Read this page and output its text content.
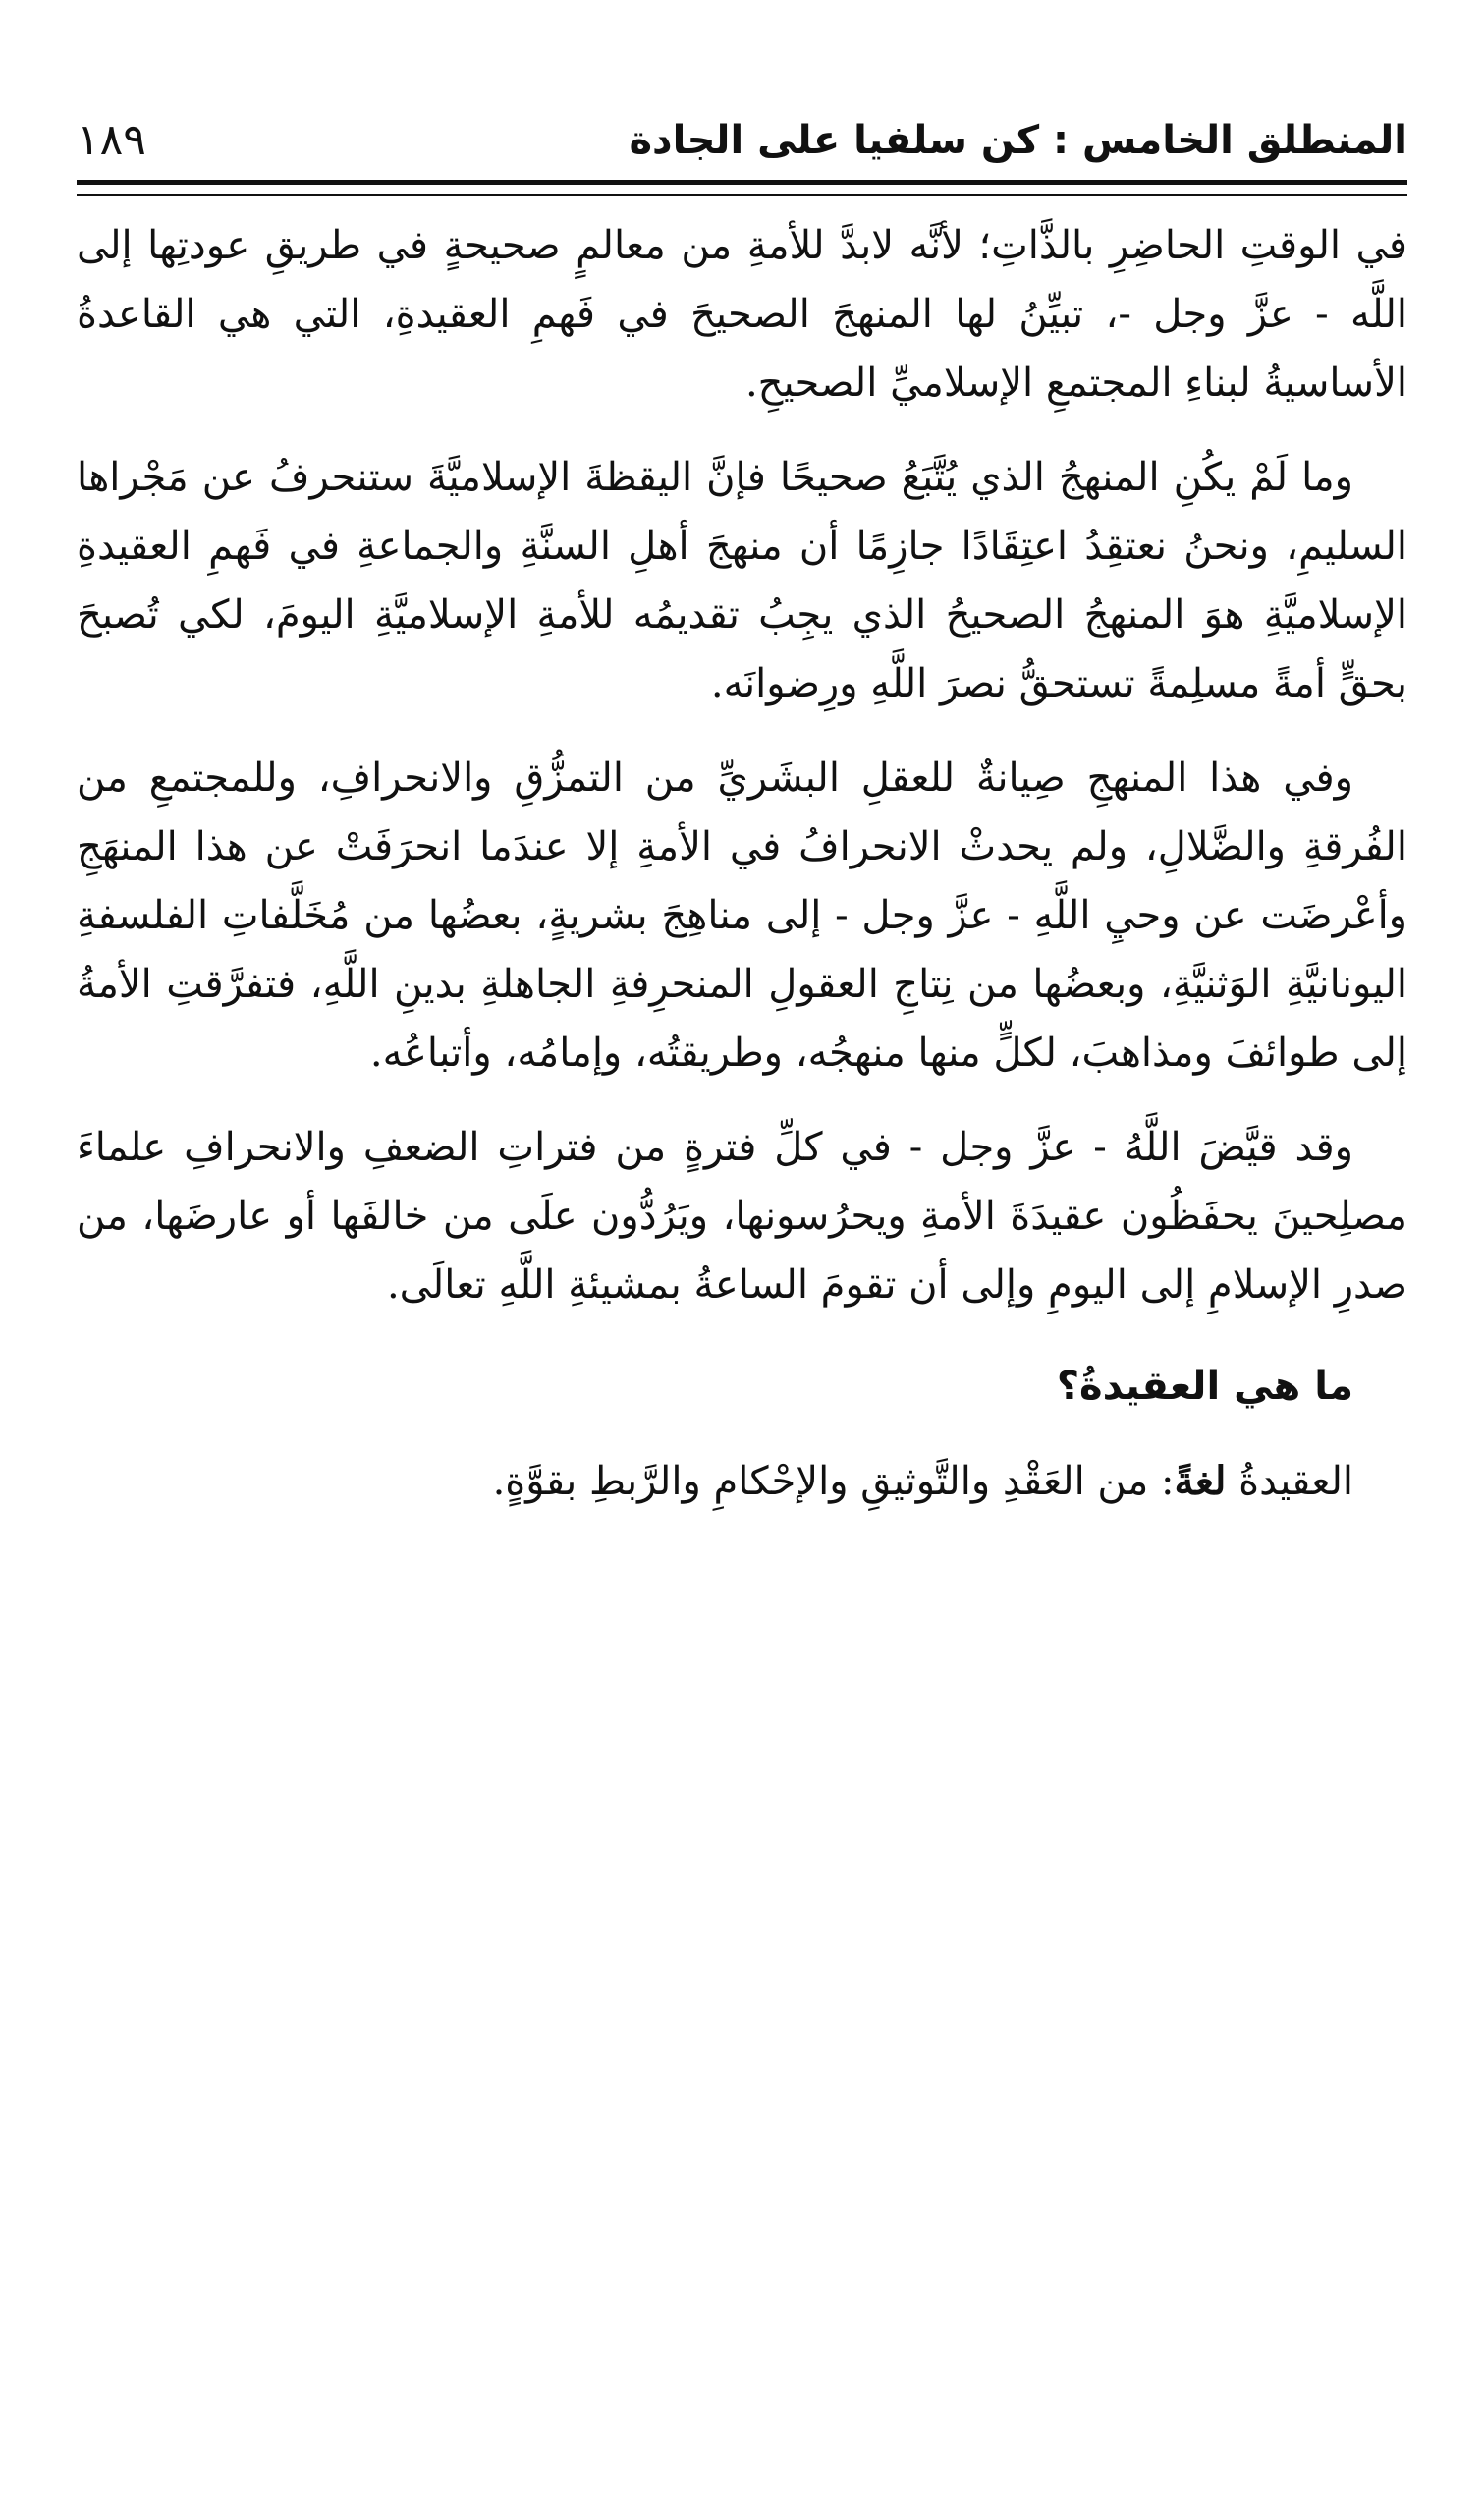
المنطلق الخامس : كن سلفيا على الجادة
١٨٩

في الوقتِ الحاضِرِ بالذَّاتِ؛ لأنَّه لابدَّ للأمةِ من معالمٍ صحيحةٍ في طريقِ عودتِها إلى اللَّه - عزَّ وجل -، تبيِّنُ لها المنهجَ الصحيحَ في فَهمِ العقيدةِ، التي هي القاعدةُ الأساسيةُ لبناءِ المجتمعِ الإسلاميِّ الصحيحِ.

وما لَمْ يكُنِ المنهجُ الذي يُتَّبَعُ صحيحًا فإنَّ اليقظةَ الإسلاميَّةَ ستنحرفُ عن مَجْراها السليمِ، ونحنُ نعتقِدُ اعتِقَادًا جازِمًا أن منهجَ أهلِ السنَّةِ والجماعةِ في فَهمِ العقيدةِ الإسلاميَّةِ هوَ المنهجُ الصحيحُ الذي يجِبُ تقديمُه للأمةِ الإسلاميَّةِ اليومَ، لكي تُصبحَ بحقٍّ أمةً مسلِمةً تستحقُّ نصرَ اللَّهِ ورِضوانَه.

وفي هذا المنهجِ صِيانةٌ للعقلِ البشَريِّ من التمزُّقِ والانحرافِ، وللمجتمعِ من الفُرقةِ والضَّلالِ، ولم يحدثْ الانحرافُ في الأمةِ إلا عندَما انحرَفَتْ عن هذا المنهَجِ وأعْرضَت عن وحيِ اللَّهِ - عزَّ وجل - إلى مناهِجَ بشريةٍ، بعضُها من مُخَلَّفاتِ الفلسفةِ اليونانيَّةِ الوَثنيَّةِ، وبعضُها من نِتاجِ العقولِ المنحرِفةِ الجاهلةِ بدينِ اللَّهِ، فتفرَّقتِ الأمةُ إلى طوائفَ ومذاهبَ، لكلٍّ منها منهجُه، وطريقتُه، وإمامُه، وأتباعُه.

وقد قيَّضَ اللَّهُ - عزَّ وجل - في كلِّ فترةٍ من فتراتِ الضعفِ والانحرافِ علماءَ مصلِحينَ يحفَظُون عقيدَةَ الأمةِ ويحرُسونها، ويَرُدُّون علَى من خالفَها أو عارضَها، من صدرِ الإسلامِ إلى اليومِ وإلى أن تقومَ الساعةُ بمشيئةِ اللَّهِ تعالَى.

ما هي العقيدةُ؟

العقيدةُ لغةً: من العَقْدِ والتَّوثيقِ والإحْكامِ والرَّبطِ بقوَّةٍ.
